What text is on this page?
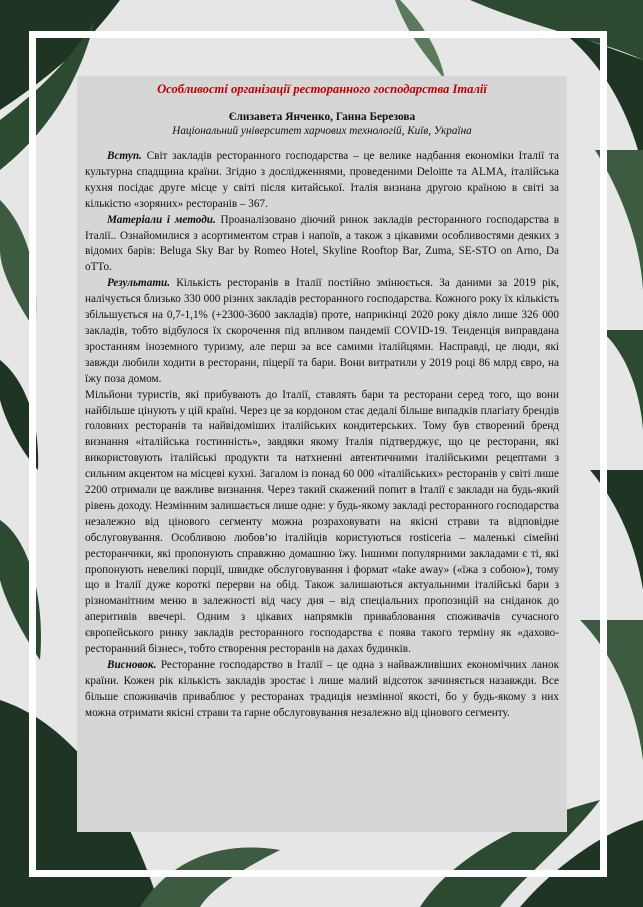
Особливості організації ресторанного господарства Італії

Єлизавета Янченко, Ганна Березова

Національний університет харчових технологій, Київ, Україна

Вступ. Світ закладів ресторанного господарства – це велике надбання економіки Італії та культурна спадщина країни. Згідно з дослідженнями, проведеними Deloitte та ALMA, італійська кухня посідає друге місце у світі після китайської. Італія визнана другою країною в світі за кількістю «зоряних» ресторанів – 367.

Матеріали і методи. Проаналізовано діючий ринок закладів ресторанного господарства в Італії.. Ознайомилися з асортиментом страв і напоїв, а також з цікавими особливостями деяких з відомих барів: Beluga Sky Bar by Romeo Hotel, Skyline Rooftop Bar, Zuma, SE-STO on Arno, Da oTTo.

Результати. Кількість ресторанів в Італії постійно змінюється. За даними за 2019 рік, налічується близько 330 000 різних закладів ресторанного господарства. Кожного року їх кількість збільшується на 0,7-1,1% (+2300-3600 закладів) проте, наприкінці 2020 року діяло лише 326 000 закладів, тобто відбулося їх скорочення під впливом пандемії COVID-19. Тенденція виправдана зростанням іноземного туризму, але перш за все самими італійцями. Насправді, це люди, які завжди любили ходити в ресторани, піцерії та бари. Вони витратили у 2019 році 86 млрд євро, на їжу поза домом.

Мільйони туристів, які прибувають до Італії, ставлять бари та ресторани серед того, що вони найбільше цінують у цій країні. Через це за кордоном стає дедалі більше випадків плагіату брендів головних ресторанів та найвідоміших італійських кондитерських. Тому був створений бренд визнання «італійська гостинність», завдяки якому Італія підтверджує, що це ресторани, які використовують італійські продукти та натхненні автентичними італійськими рецептами з сильним акцентом на місцеві кухні. Загалом із понад 60 000 «італійських» ресторанів у світі лише 2200 отримали це важливе визнання. Через такий скажений попит в Італії є заклади на будь-який рівень доходу. Незмінним залишається лише одне: у будь-якому закладі ресторанного господарства незалежно від цінового сегменту можна розраховувати на якісні страви та відповідне обслуговування. Особливою любов’ю італійців користуються rosticeria – маленькі сімейні ресторанчики, які пропонують справжню домашню їжу. Іншими популярними закладами є ті, які пропонують невеликі порції, швидке обслуговування і формат «take away» («їжа з собою»), тому що в Італії дуже короткі перерви на обід. Також залишаються актуальними італійські бари з різноманітним меню в залежності від часу дня – від спеціальних пропозицій на сніданок до аперитивів ввечері. Одним з цікавих напрямків привабловання споживачів сучасного європейського ринку закладів ресторанного господарства є поява такого терміну як «дахово-ресторанний бізнес», тобто створення ресторанів на дахах будинків.

Висновок. Ресторанне господарство в Італії – це одна з найважливіших економічних ланок країни. Кожен рік кількість закладів зростає і лише малий відсоток зачиняється назавжди. Все більше споживачів приваблює у ресторанах традиція незмінної якості, бо у будь-якому з них можна отримати якісні страви та гарне обслуговування незалежно від цінового сегменту.
